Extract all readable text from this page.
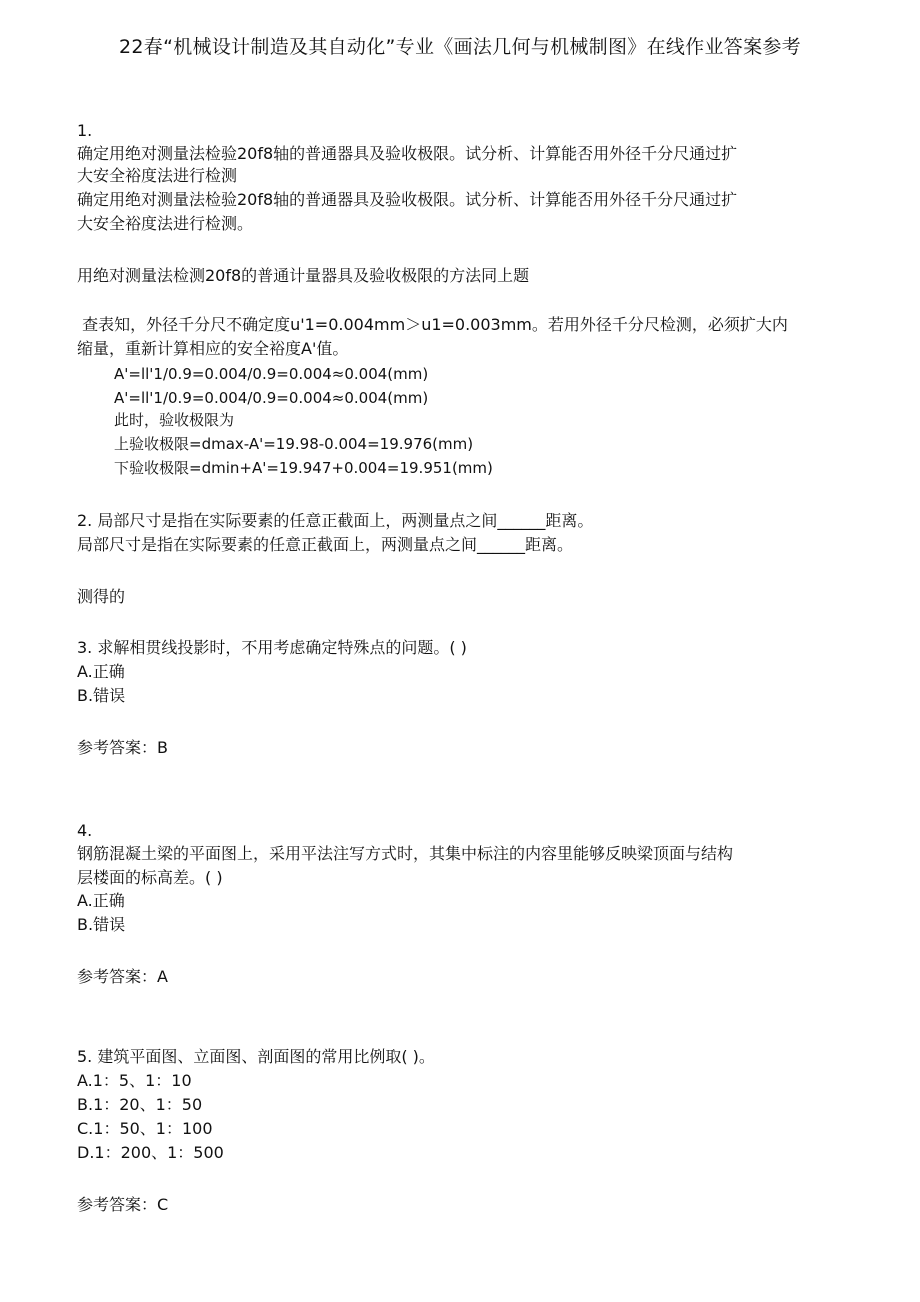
22春“机械设计制造及其自动化”专业《画法几何与机械制图》在线作业答案参考
1.
确定用绝对测量法检验20f8轴的普通器具及验收极限。试分析、计算能否用外径千分尺通过扩
大安全裕度法进行检测
确定用绝对测量法检验20f8轴的普通器具及验收极限。试分析、计算能否用外径千分尺通过扩
大安全裕度法进行检测。
用绝对测量法检测20f8的普通计量器具及验收极限的方法同上题
查表知，外径千分尺不确定度u'1=0.004mm＞u1=0.003mm。若用外径千分尺检测，必须扩大内
缩量，重新计算相应的安全裕度A'值。
A'=ll'1/0.9=0.004/0.9=0.004≈0.004(mm)
A'=ll'1/0.9=0.004/0.9=0.004≈0.004(mm)
此时，验收极限为
上验收极限=dmax-A'=19.98-0.004=19.976(mm)
下验收极限=dmin+A'=19.947+0.004=19.951(mm)
2. 局部尺寸是指在实际要素的任意正截面上，两测量点之间______距离。
局部尺寸是指在实际要素的任意正截面上，两测量点之间______距离。
测得的
3. 求解相贯线投影时，不用考虑确定特殊点的问题。( )
A.正确
B.错误
参考答案：B
4.
钢筋混凝土梁的平面图上，采用平法注写方式时，其集中标注的内容里能够反映梁顶面与结构
层楼面的标高差。( )
A.正确
B.错误
参考答案：A
5. 建筑平面图、立面图、剖面图的常用比例取( )。
A.1：5、1：10
B.1：20、1：50
C.1：50、1：100
D.1：200、1：500
参考答案：C
